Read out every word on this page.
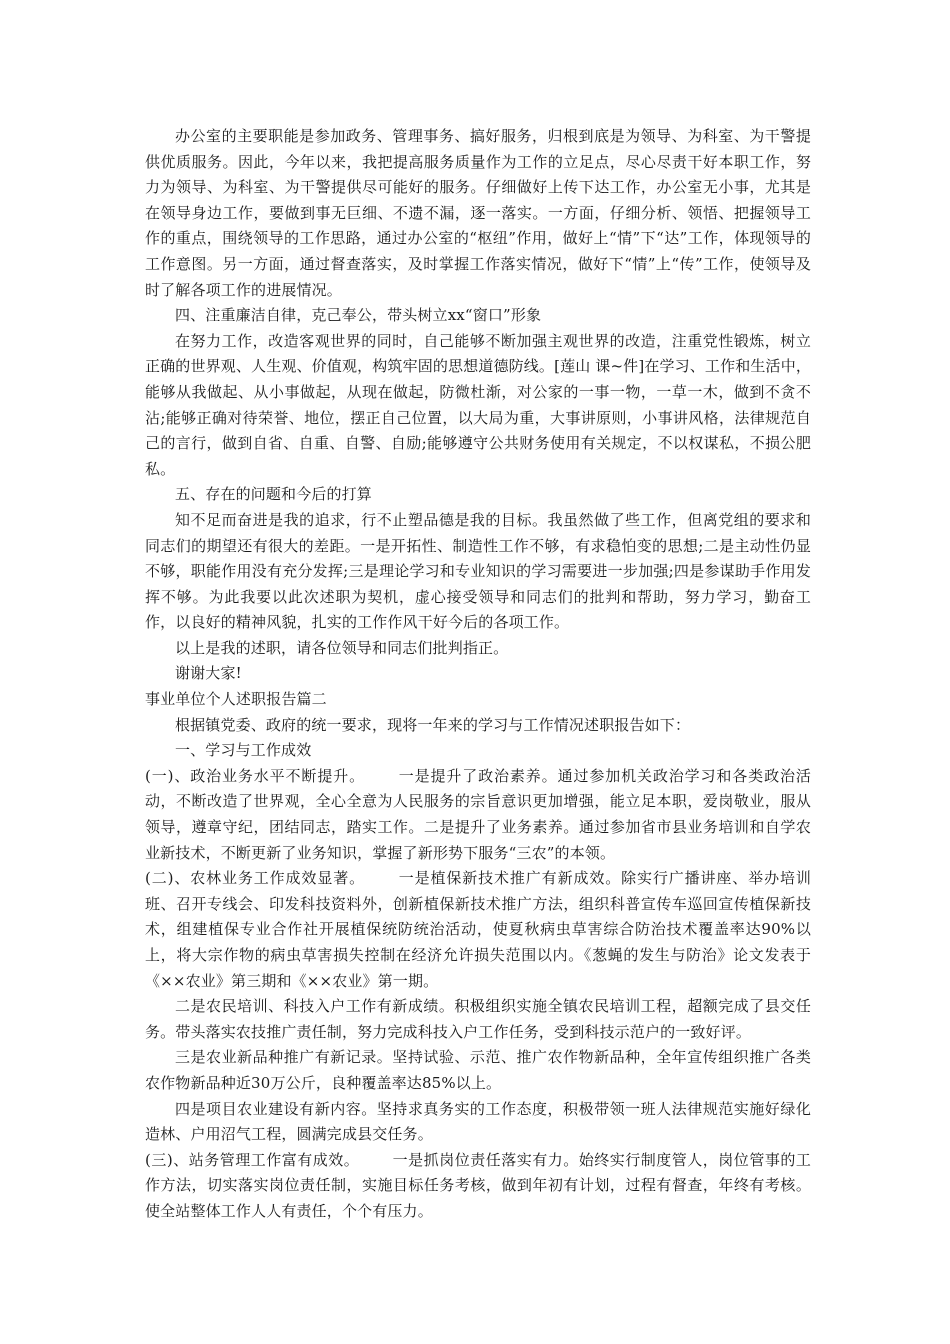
办公室的主要职能是参加政务、管理事务、搞好服务，归根到底是为领导、为科室、为干警提供优质服务。因此，今年以来，我把提高服务质量作为工作的立足点，尽心尽责干好本职工作，努力为领导、为科室、为干警提供尽可能好的服务。仔细做好上传下达工作，办公室无小事，尤其是在领导身边工作，要做到事无巨细、不遗不漏，逐一落实。一方面，仔细分析、领悟、把握领导工作的重点，围绕领导的工作思路，通过办公室的“枢纽”作用，做好上“情”下“达”工作，体现领导的工作意图。另一方面，通过督查落实，及时掌握工作落实情况，做好下“情”上“传”工作，使领导及时了解各项工作的进展情况。

四、注重廉洁自律，克己奉公，带头树立xx“窗口”形象

在努力工作，改造客观世界的同时，自己能够不断加强主观世界的改造，注重党性锻炼，树立正确的世界观、人生观、价值观，构筑牢固的思想道德防线。[莲山 课~件]在学习、工作和生活中，能够从我做起、从小事做起，从现在做起，防微杜渐，对公家的一事一物，一草一木，做到不贪不沾;能够正确对待荣誉、地位，摆正自己位置，以大局为重，大事讲原则，小事讲风格，法律规范自己的言行，做到自省、自重、自警、自励;能够遵守公共财务使用有关规定，不以权谋私，不损公肥私。

五、存在的问题和今后的打算

知不足而奋进是我的追求，行不止塑品德是我的目标。我虽然做了些工作，但离党组的要求和同志们的期望还有很大的差距。一是开拓性、制造性工作不够，有求稳怕变的思想;二是主动性仍显不够，职能作用没有充分发挥;三是理论学习和专业知识的学习需要进一步加强;四是参谋助手作用发挥不够。为此我要以此次述职为契机，虚心接受领导和同志们的批判和帮助，努力学习，勤奋工作，以良好的精神风貌，扎实的工作作风干好今后的各项工作。

以上是我的述职，请各位领导和同志们批判指正。

谢谢大家!

事业单位个人述职报告篇二

根据镇党委、政府的统一要求，现将一年来的学习与工作情况述职报告如下：

一、学习与工作成效

(一)、政治业务水平不断提升。 一是提升了政治素养。通过参加机关政治学习和各类政治活动，不断改造了世界观，全心全意为人民服务的宗旨意识更加增强，能立足本职，爱岗敬业，服从领导，遵章守纪，团结同志，踏实工作。二是提升了业务素养。通过参加省市县业务培训和自学农业新技术，不断更新了业务知识，掌握了新形势下服务“三农”的本领。

(二)、农林业务工作成效显著。 一是植保新技术推广有新成效。除实行广播讲座、举办培训班、召开专线会、印发科技资料外，创新植保新技术推广方法，组织科普宣传车巡回宣传植保新技术，组建植保专业合作社开展植保统防统治活动，使夏秋病虫草害综合防治技术覆盖率达90%以上，将大宗作物的病虫草害损失控制在经济允许损失范围以内。《葱蝇的发生与防治》论文发表于《××农业》第三期和《××农业》第一期。

二是农民培训、科技入户工作有新成绩。积极组织实施全镇农民培训工程，超额完成了县交任务。带头落实农技推广责任制，努力完成科技入户工作任务，受到科技示范户的一致好评。

三是农业新品种推广有新记录。坚持试验、示范、推广农作物新品种，全年宣传组织推广各类农作物新品种近30万公斤，良种覆盖率达85%以上。

四是项目农业建设有新内容。坚持求真务实的工作态度，积极带领一班人法律规范实施好绿化造林、户用沼气工程，圆满完成县交任务。

(三)、站务管理工作富有成效。 一是抓岗位责任落实有力。始终实行制度管人，岗位管事的工作方法，切实落实岗位责任制，实施目标任务考核，做到年初有计划，过程有督查，年终有考核。使全站整体工作人人有责任，个个有压力。
